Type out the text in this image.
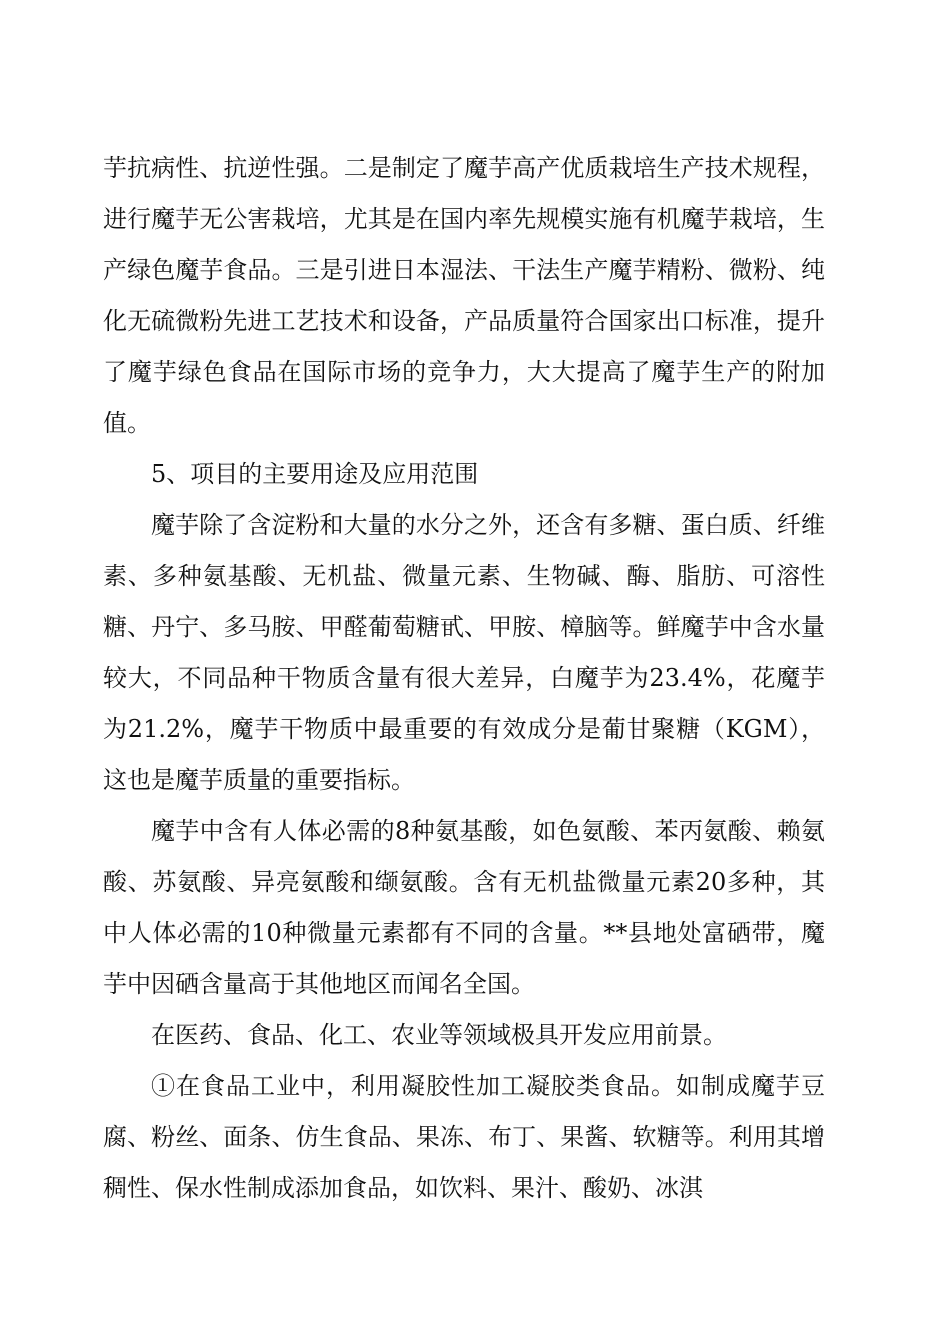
芋抗病性、抗逆性强。二是制定了魔芋高产优质栽培生产技术规程，进行魔芋无公害栽培，尤其是在国内率先规模实施有机魔芋栽培，生产绿色魔芋食品。三是引进日本湿法、干法生产魔芋精粉、微粉、纯化无硫微粉先进工艺技术和设备，产品质量符合国家出口标准，提升了魔芋绿色食品在国际市场的竞争力，大大提高了魔芋生产的附加值。

5、项目的主要用途及应用范围

魔芋除了含淀粉和大量的水分之外，还含有多糖、蛋白质、纤维素、多种氨基酸、无机盐、微量元素、生物碱、酶、脂肪、可溶性糖、丹宁、多马胺、甲醛葡萄糖甙、甲胺、樟脑等。鲜魔芋中含水量较大，不同品种干物质含量有很大差异，白魔芋为23.4%，花魔芋为21.2%，魔芋干物质中最重要的有效成分是葡甘聚糖（KGM），这也是魔芋质量的重要指标。

魔芋中含有人体必需的8种氨基酸，如色氨酸、苯丙氨酸、赖氨酸、苏氨酸、异亮氨酸和缬氨酸。含有无机盐微量元素20多种，其中人体必需的10种微量元素都有不同的含量。**县地处富硒带，魔芋中因硒含量高于其他地区而闻名全国。

在医药、食品、化工、农业等领域极具开发应用前景。

①在食品工业中，利用凝胶性加工凝胶类食品。如制成魔芋豆腐、粉丝、面条、仿生食品、果冻、布丁、果酱、软糖等。利用其增稠性、保水性制成添加食品，如饮料、果汁、酸奶、冰淇
